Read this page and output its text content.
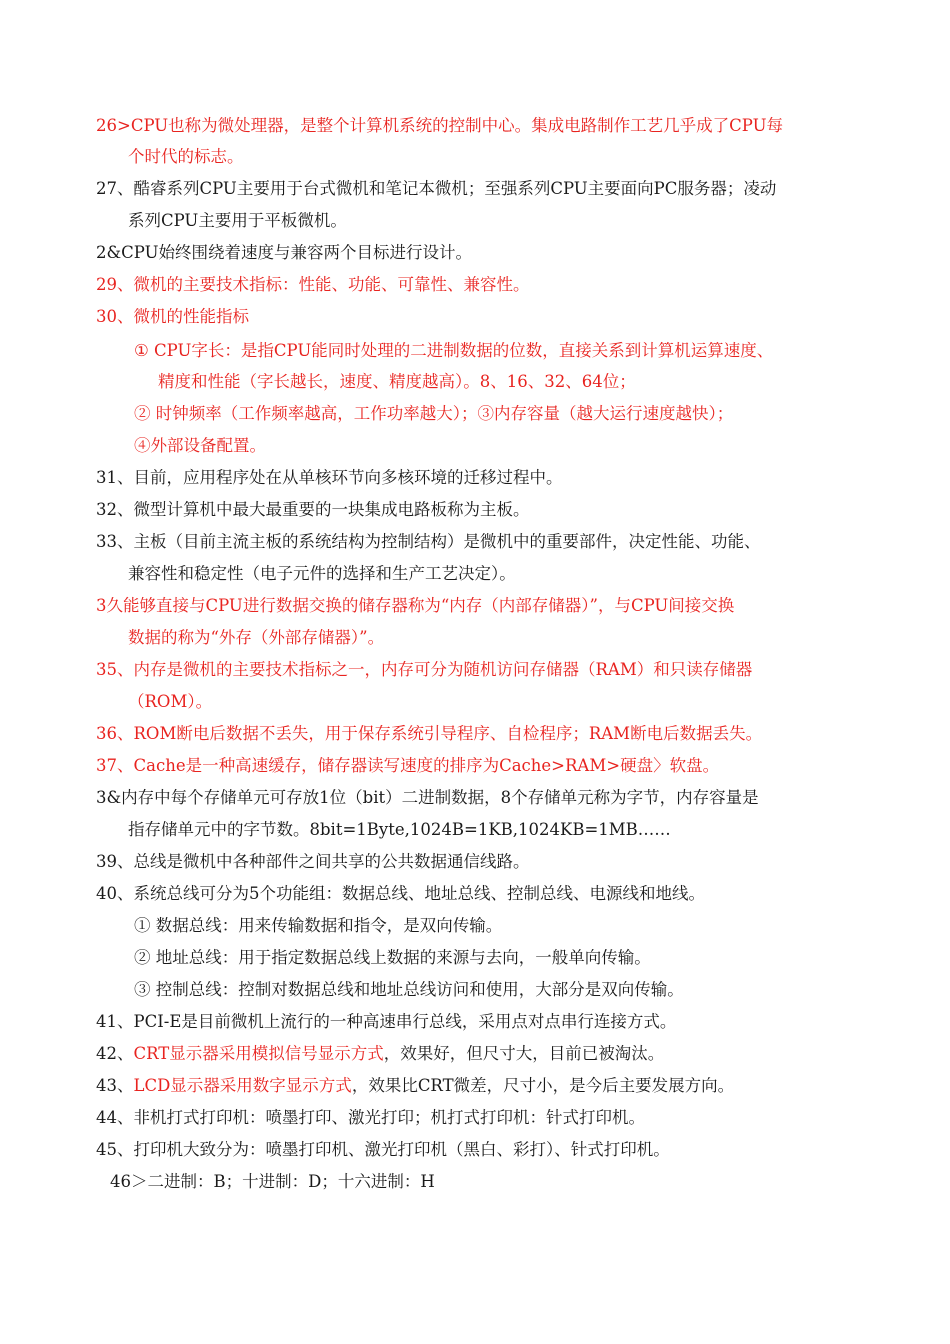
26>CPU也称为微处理器，是整个计算机系统的控制中心。集成电路制作工艺几乎成了CPU每
个时代的标志。
27、酷睿系列CPU主要用于台式微机和笔记本微机；至强系列CPU主要面向PC服务器；凌动
系列CPU主要用于平板微机。
2&CPU始终围绕着速度与兼容两个目标进行设计。
29、微机的主要技术指标：性能、功能、可靠性、兼容性。
30、微机的性能指标
① CPU字长：是指CPU能同时处理的二进制数据的位数，直接关系到计算机运算速度、
精度和性能（字长越长，速度、精度越高）。8、16、32、64位；
② 时钟频率（工作频率越高，工作功率越大）；③内存容量（越大运行速度越快）；
④外部设备配置。
31、目前，应用程序处在从单核环节向多核环境的迁移过程中。
32、微型计算机中最大最重要的一块集成电路板称为主板。
33、主板（目前主流主板的系统结构为控制结构）是微机中的重要部件，决定性能、功能、
兼容性和稳定性（电子元件的选择和生产工艺决定）。
3久能够直接与CPU进行数据交换的储存器称为“内存（内部存储器）”，与CPU间接交换
数据的称为“外存（外部存储器）”。
35、内存是微机的主要技术指标之一，内存可分为随机访问存储器（RAM）和只读存储器
（ROM）。
36、ROM断电后数据不丢失，用于保存系统引导程序、自检程序；RAM断电后数据丢失。
37、Cache是一种高速缓存，储存器读写速度的排序为Cache>RAM>硬盘〉软盘。
3&内存中每个存储单元可存放1位（bit）二进制数据，8个存储单元称为字节，内存容量是
指存储单元中的字节数。8bit=1Byte,1024B=1KB,1024KB=1MB……
39、总线是微机中各种部件之间共享的公共数据通信线路。
40、系统总线可分为5个功能组：数据总线、地址总线、控制总线、电源线和地线。
① 数据总线：用来传输数据和指令，是双向传输。
② 地址总线：用于指定数据总线上数据的来源与去向，一般单向传输。
③ 控制总线：控制对数据总线和地址总线访问和使用，大部分是双向传输。
41、PCI-E是目前微机上流行的一种高速串行总线，采用点对点串行连接方式。
42、CRT显示器采用模拟信号显示方式，效果好，但尺寸大，目前已被淘汰。
43、LCD显示器采用数字显示方式，效果比CRT微差，尺寸小，是今后主要发展方向。
44、非机打式打印机：喷墨打印、激光打印；机打式打印机：针式打印机。
45、打印机大致分为：喷墨打印机、激光打印机（黑白、彩打）、针式打印机。
46＞二进制：B；十进制：D；十六进制：H
